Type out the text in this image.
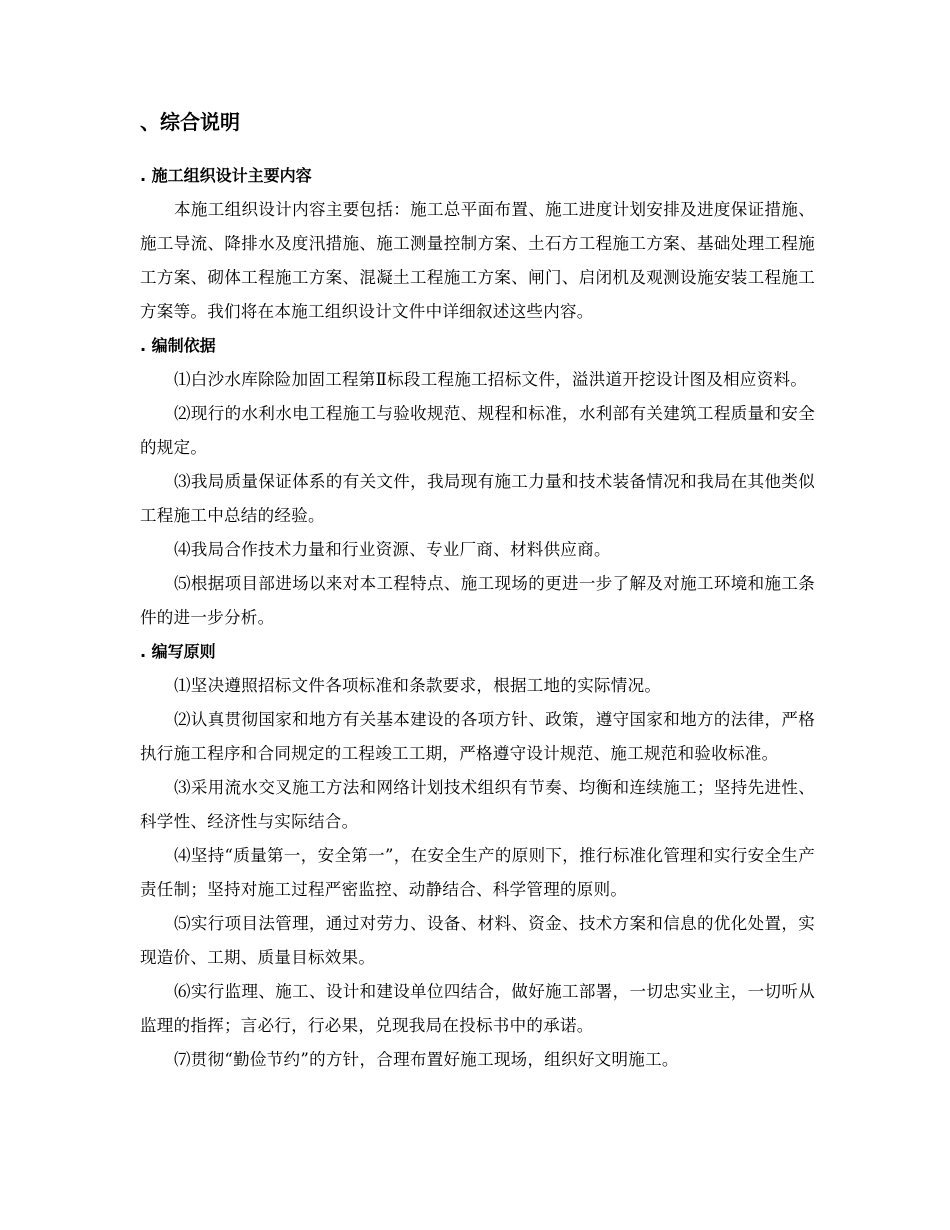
、综合说明
. 施工组织设计主要内容

本施工组织设计内容主要包括：施工总平面布置、施工进度计划安排及进度保证措施、施工导流、降排水及度汛措施、施工测量控制方案、土石方工程施工方案、基础处理工程施工方案、砌体工程施工方案、混凝土工程施工方案、闸门、启闭机及观测设施安装工程施工方案等。我们将在本施工组织设计文件中详细叙述这些内容。

. 编制依据

⑴白沙水库除险加固工程第Ⅱ标段工程施工招标文件，溢洪道开挖设计图及相应资料。

⑵现行的水利水电工程施工与验收规范、规程和标准，水利部有关建筑工程质量和安全的规定。

⑶我局质量保证体系的有关文件，我局现有施工力量和技术装备情况和我局在其他类似工程施工中总结的经验。

⑷我局合作技术力量和行业资源、专业厂商、材料供应商。

⑸根据项目部进场以来对本工程特点、施工现场的更进一步了解及对施工环境和施工条件的进一步分析。

. 编写原则

⑴坚决遵照招标文件各项标准和条款要求，根据工地的实际情况。

⑵认真贯彻国家和地方有关基本建设的各项方针、政策，遵守国家和地方的法律，严格执行施工程序和合同规定的工程竣工工期，严格遵守设计规范、施工规范和验收标准。

⑶采用流水交叉施工方法和网络计划技术组织有节奏、均衡和连续施工；坚持先进性、科学性、经济性与实际结合。

⑷坚持“质量第一，安全第一”，在安全生产的原则下，推行标准化管理和实行安全生产责任制；坚持对施工过程严密监控、动静结合、科学管理的原则。

⑸实行项目法管理，通过对劳力、设备、材料、资金、技术方案和信息的优化处置，实现造价、工期、质量目标效果。

⑹实行监理、施工、设计和建设单位四结合，做好施工部署，一切忠实业主，一切听从监理的指挥；言必行，行必果，兑现我局在投标书中的承诺。

⑺贯彻“勤俭节约”的方针，合理布置好施工现场，组织好文明施工。
